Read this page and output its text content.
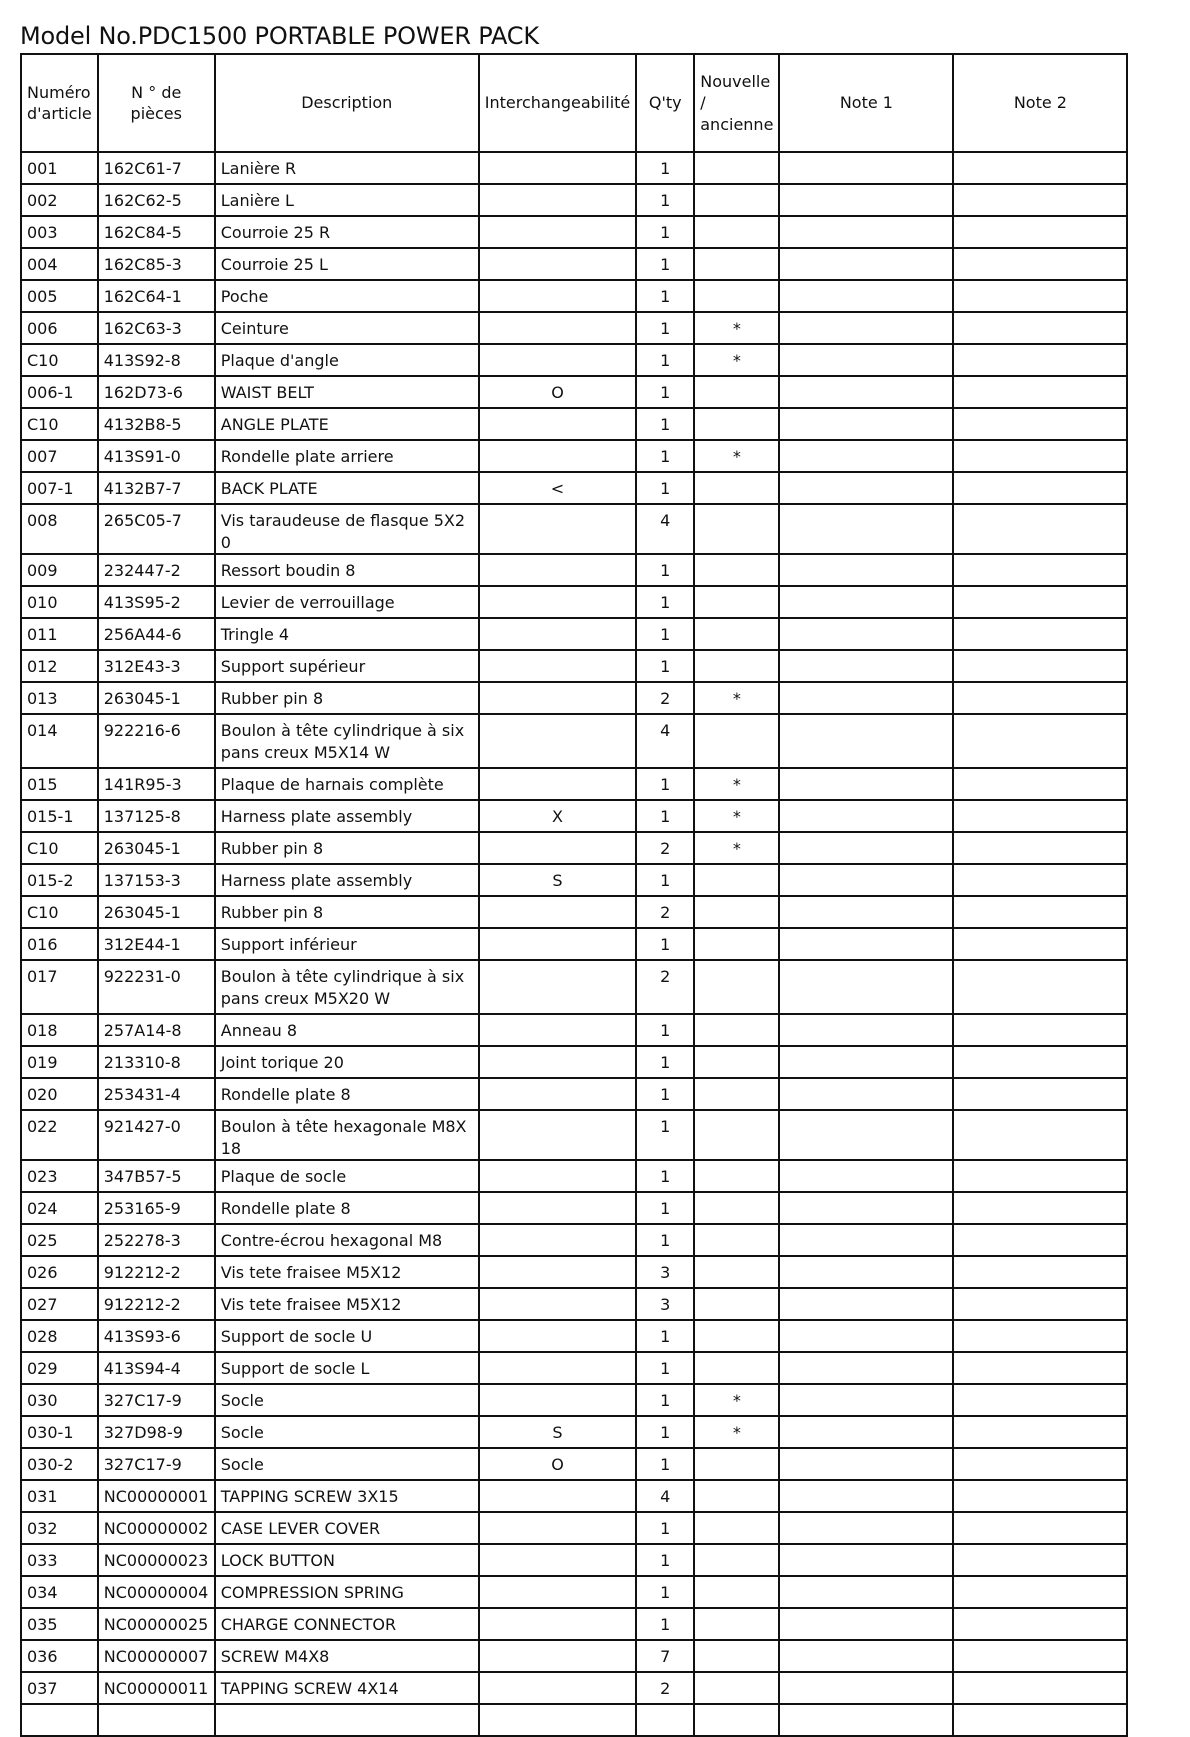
Model No.PDC1500 PORTABLE POWER PACK
Numéro d'article	N ° de pièces	Description	Interchangeabilité	Q'ty	Nouvelle / ancienne	Note 1	Note 2
001	162C61-7	Lanière R		1			
002	162C62-5	Lanière L		1			
003	162C84-5	Courroie 25 R		1			
004	162C85-3	Courroie 25 L		1			
005	162C64-1	Poche		1			
006	162C63-3	Ceinture		1	*		
C10	413S92-8	Plaque d'angle		1	*		
006-1	162D73-6	WAIST BELT	O	1			
C10	4132B8-5	ANGLE PLATE		1			
007	413S91-0	Rondelle plate arriere		1	*		
007-1	4132B7-7	BACK PLATE	<	1			
008	265C05-7	Vis taraudeuse de flasque 5X20		4			
009	232447-2	Ressort boudin 8		1			
010	413S95-2	Levier de verrouillage		1			
011	256A44-6	Tringle 4		1			
012	312E43-3	Support supérieur		1			
013	263045-1	Rubber pin 8		2	*		
014	922216-6	Boulon à tête cylindrique à six pans creux M5X14 W		4			
015	141R95-3	Plaque de harnais complète		1	*		
015-1	137125-8	Harness plate assembly	X	1	*		
C10	263045-1	Rubber pin 8		2	*		
015-2	137153-3	Harness plate assembly	S	1			
C10	263045-1	Rubber pin 8		2			
016	312E44-1	Support inférieur		1			
017	922231-0	Boulon à tête cylindrique à six pans creux M5X20 W		2			
018	257A14-8	Anneau 8		1			
019	213310-8	Joint torique 20		1			
020	253431-4	Rondelle plate 8		1			
022	921427-0	Boulon à tête hexagonale M8X18		1			
023	347B57-5	Plaque de socle		1			
024	253165-9	Rondelle plate 8		1			
025	252278-3	Contre-écrou hexagonal M8		1			
026	912212-2	Vis tete fraisee M5X12		3			
027	912212-2	Vis tete fraisee M5X12		3			
028	413S93-6	Support de socle U		1			
029	413S94-4	Support de socle L		1			
030	327C17-9	Socle		1	*		
030-1	327D98-9	Socle	S	1	*		
030-2	327C17-9	Socle	O	1			
031	NC00000001	TAPPING SCREW 3X15		4			
032	NC00000002	CASE LEVER COVER		1			
033	NC00000023	LOCK BUTTON		1			
034	NC00000004	COMPRESSION SPRING		1			
035	NC00000025	CHARGE CONNECTOR		1			
036	NC00000007	SCREW M4X8		7			
037	NC00000011	TAPPING SCREW 4X14		2			
